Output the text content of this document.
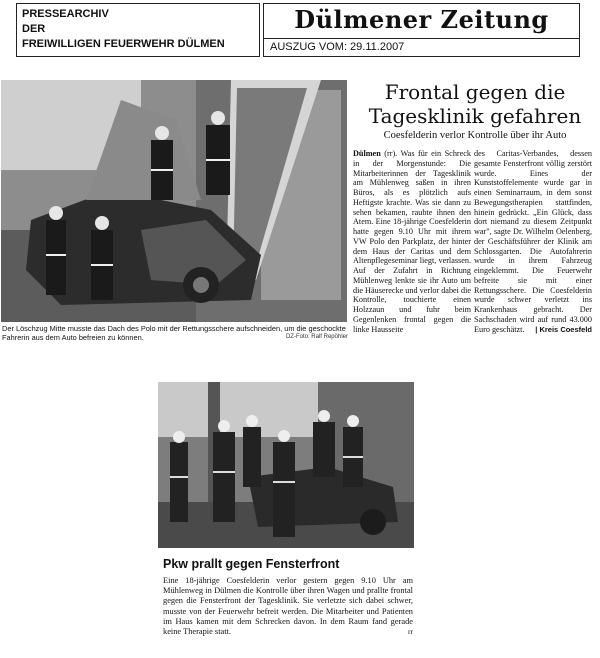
PRESSEARCHIV
DER
FREIWILLIGEN FEUERWEHR DÜLMEN
Dülmener Zeitung
AUSZUG VOM: 29.11.2007
Der Löschzug Mitte musste das Dach des Polo mit der Rettungsschere aufschneiden, um die geschockte Fahrerin aus dem Auto befreien zu können.	DZ-Foto: Ralf Repöhler
Frontal gegen die Tagesklinik gefahren
Coesfelderin verlor Kontrolle über ihr Auto

Dülmen (rr). Was für ein Schreck in der Morgenstunde: Die Mitarbeiterinnen der Tagesklinik am Mühlenweg saßen in ihren Büros, als es plötzlich aufs Heftigste krachte. Was sie dann zu sehen bekamen, raubte ihnen den Atem. Eine 18-jährige Coesfelderin hatte gegen 9.10 Uhr mit ihrem VW Polo den Parkplatz, der hinter dem Haus der Caritas und dem Altenpflegeseminar liegt, verlassen. Auf der Zufahrt in Richtung Mühlenweg lenkte sie ihr Auto um die Häuserecke und verlor dabei die Kontrolle, touchierte einen Holzzaun und fuhr beim Gegenlenken frontal gegen die linke Hausseite

des Caritas-Verbandes, dessen gesamte Fensterfront völlig zerstört wurde. Eines der Kunststoffelemente wurde gar in einen Seminarraum, in dem sonst Bewegungstherapien stattfinden, hinein gedrückt. „Ein Glück, dass dort niemand zu diesem Zeitpunkt war", sagte Dr. Wilhelm Oelenberg, der Geschäftsführer der Klinik am Schlossgarten. Die Autofahrerin wurde in ihrem Fahrzeug eingeklemmt. Die Feuerwehr befreite sie mit einer Rettungsschere. Die Coesfelderin wurde schwer verletzt ins Krankenhaus gebracht. Der Sachschaden wird auf rund 43.000 Euro geschätzt. | Kreis Coesfeld

Pkw prallt gegen Fensterfront

Eine 18-jährige Coesfelderin verlor gestern gegen 9.10 Uhr am Mühlenweg in Dülmen die Kontrolle über ihren Wagen und prallte frontal gegen die Fensterfront der Tagesklinik. Sie verletzte sich dabei schwer, musste von der Feuerwehr befreit werden. Die Mitarbeiter und Patienten im Haus kamen mit dem Schrecken davon. In dem Raum fand gerade keine Therapie statt.	rr
